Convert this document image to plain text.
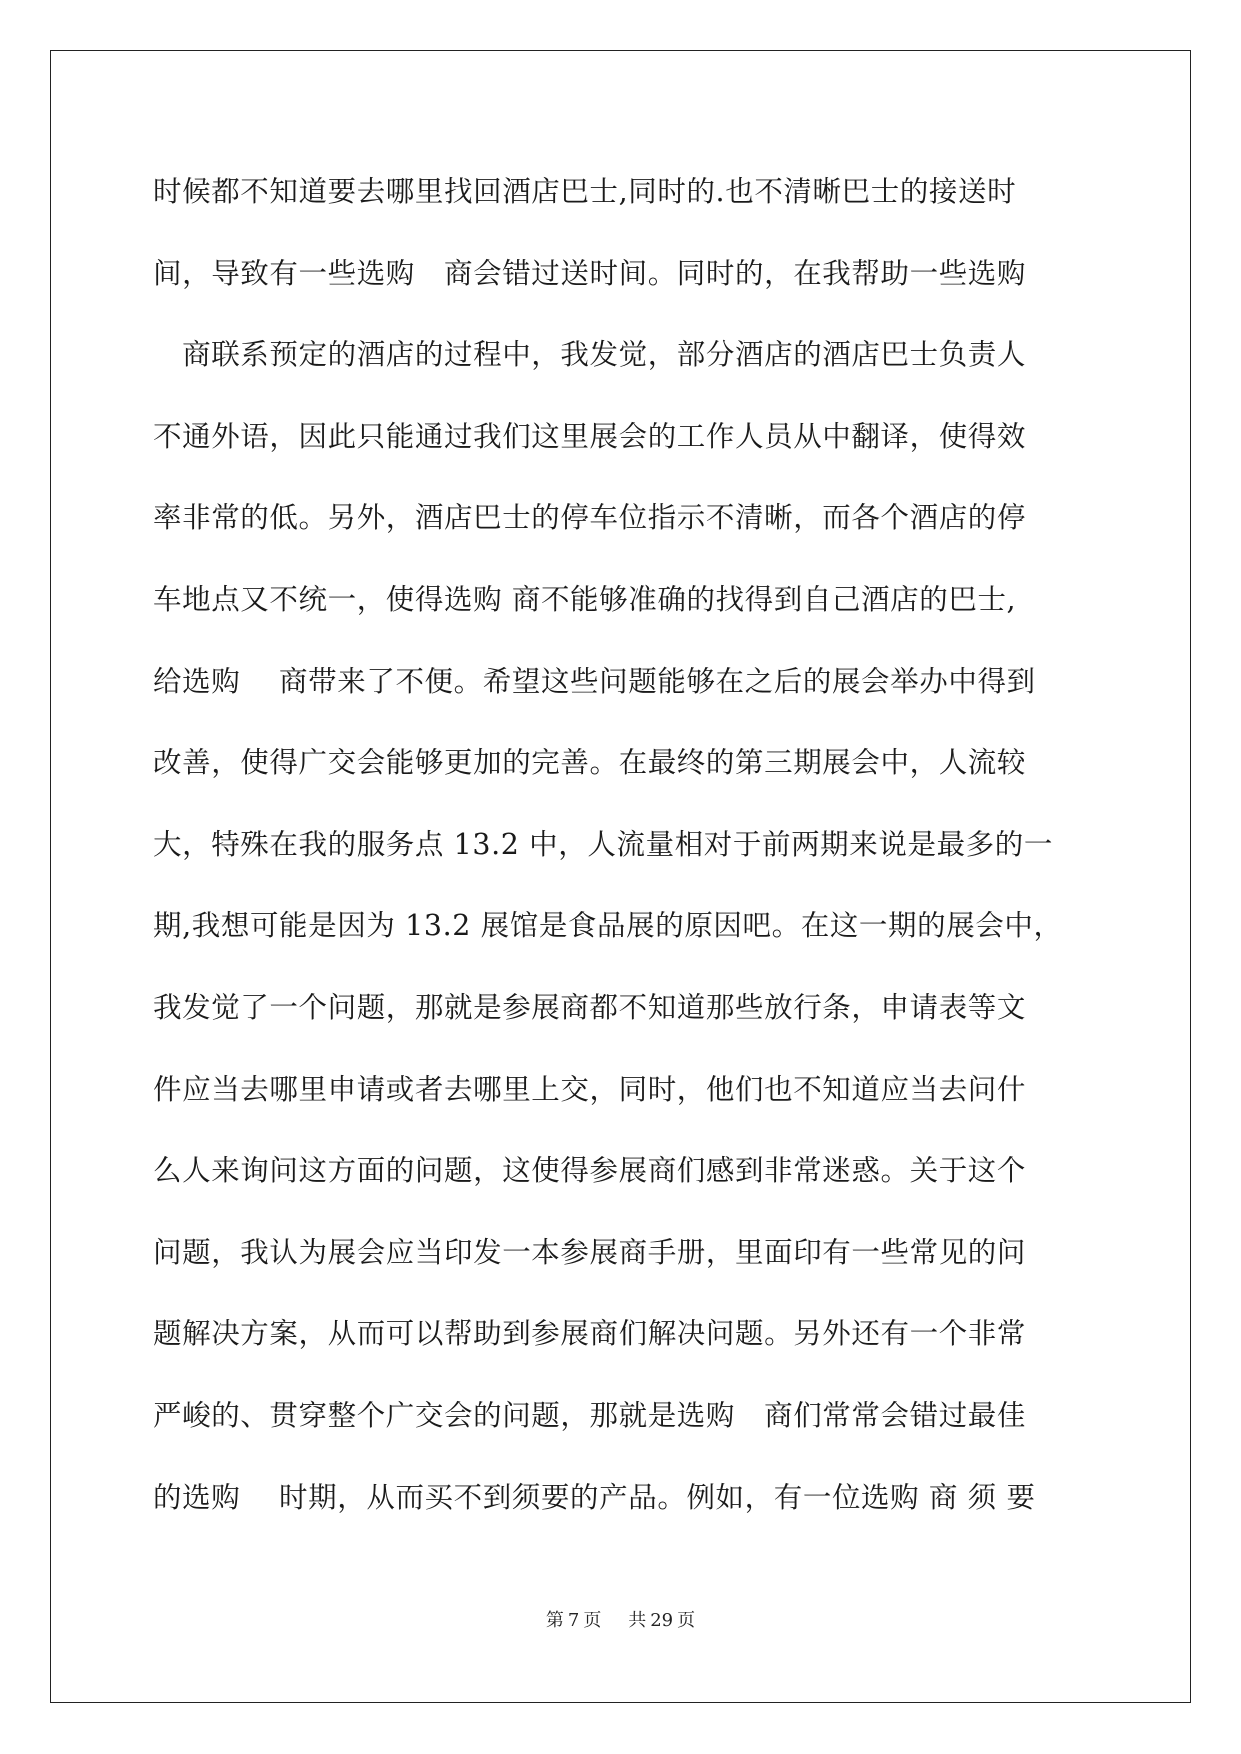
时候都不知道要去哪里找回酒店巴士,同时的.也不清晰巴士的接送时
间，导致有一些选购　商会错过送时间。同时的，在我帮助一些选购
　商联系预定的酒店的过程中，我发觉，部分酒店的酒店巴士负责人
不通外语，因此只能通过我们这里展会的工作人员从中翻译，使得效
率非常的低。另外，酒店巴士的停车位指示不清晰，而各个酒店的停
车地点又不统一，使得选购 商不能够准确的找得到自己酒店的巴士,
给选购　 商带来了不便。希望这些问题能够在之后的展会举办中得到
改善，使得广交会能够更加的完善。在最终的第三期展会中，人流较
大，特殊在我的服务点 13.2 中，人流量相对于前两期来说是最多的一
期,我想可能是因为 13.2 展馆是食品展的原因吧。在这一期的展会中，
我发觉了一个问题，那就是参展商都不知道那些放行条，申请表等文
件应当去哪里申请或者去哪里上交，同时，他们也不知道应当去问什
么人来询问这方面的问题，这使得参展商们感到非常迷惑。关于这个
问题，我认为展会应当印发一本参展商手册，里面印有一些常见的问
题解决方案，从而可以帮助到参展商们解决问题。另外还有一个非常
严峻的、贯穿整个广交会的问题，那就是选购　商们常常会错过最佳
的选购　 时期，从而买不到须要的产品。例如，有一位选购 商 须 要
第 7 页 共 29 页
